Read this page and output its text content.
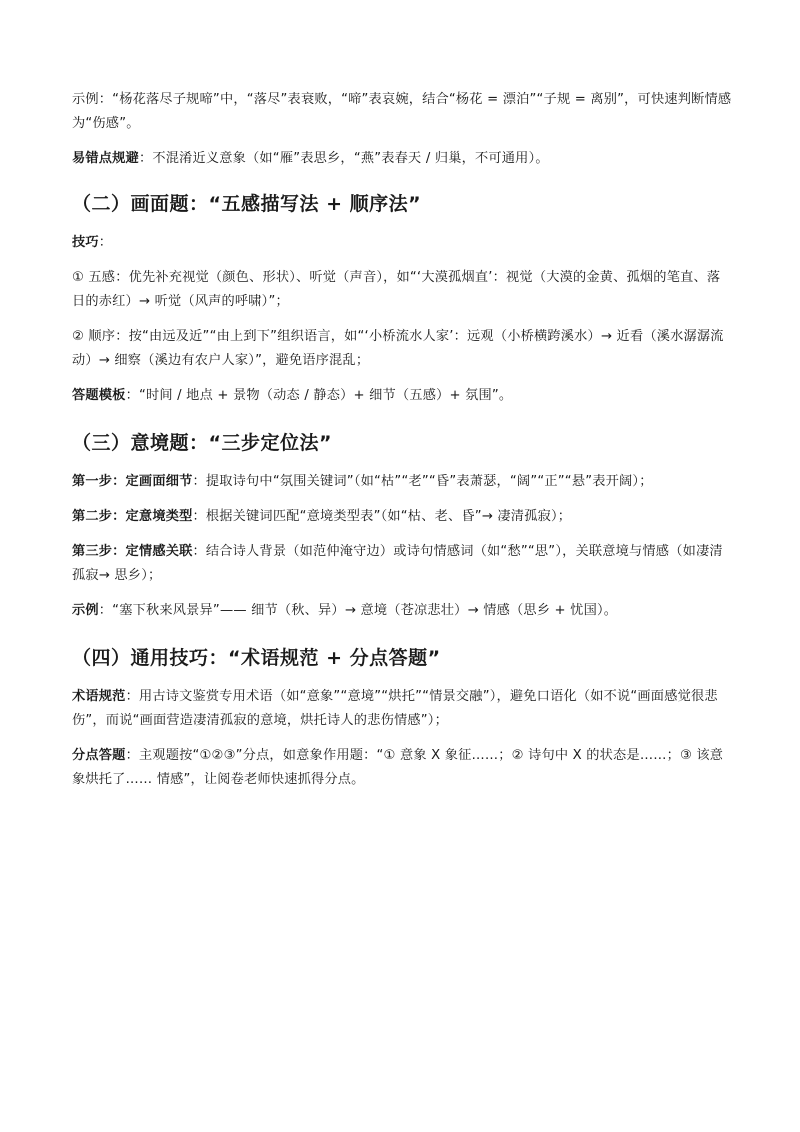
示例：“杨花落尽子规啼”中，“落尽”表衰败，“啼”表哀婉，结合“杨花 = 漂泊”“子规 = 离别”，可快速判断情感为“伤感”。

易错点规避：不混淆近义意象（如“雁”表思乡，“燕”表春天 / 归巢，不可通用）。

（二）画面题：“五感描写法 + 顺序法”

技巧：

① 五感：优先补充视觉（颜色、形状）、听觉（声音），如“‘大漠孤烟直’：视觉（大漠的金黄、孤烟的笔直、落日的赤红）→ 听觉（风声的呼啸）”；

② 顺序：按“由远及近”“由上到下”组织语言，如“‘小桥流水人家’：远观（小桥横跨溪水）→ 近看（溪水潺潺流动）→ 细察（溪边有农户人家）”，避免语序混乱；

答题模板：“时间 / 地点 + 景物（动态 / 静态）+ 细节（五感）+ 氛围”。

（三）意境题：“三步定位法”

第一步：定画面细节：提取诗句中“氛围关键词”（如“枯”“老”“昏”表萧瑟，“阔”“正”“悬”表开阔）；

第二步：定意境类型：根据关键词匹配“意境类型表”（如“枯、老、昏”→ 凄清孤寂）；

第三步：定情感关联：结合诗人背景（如范仲淹守边）或诗句情感词（如“愁”“思”），关联意境与情感（如凄清孤寂→ 思乡）；

示例：“塞下秋来风景异”—— 细节（秋、异）→ 意境（苍凉悲壮）→ 情感（思乡 + 忧国）。

（四）通用技巧：“术语规范 + 分点答题”

术语规范：用古诗文鉴赏专用术语（如“意象”“意境”“烘托”“情景交融”），避免口语化（如不说“画面感觉很悲伤”，而说“画面营造凄清孤寂的意境，烘托诗人的悲伤情感”）；

分点答题：主观题按“①②③”分点，如意象作用题：“① 意象 X 象征……；② 诗句中 X 的状态是……；③ 该意象烘托了…… 情感”，让阅卷老师快速抓得分点。
